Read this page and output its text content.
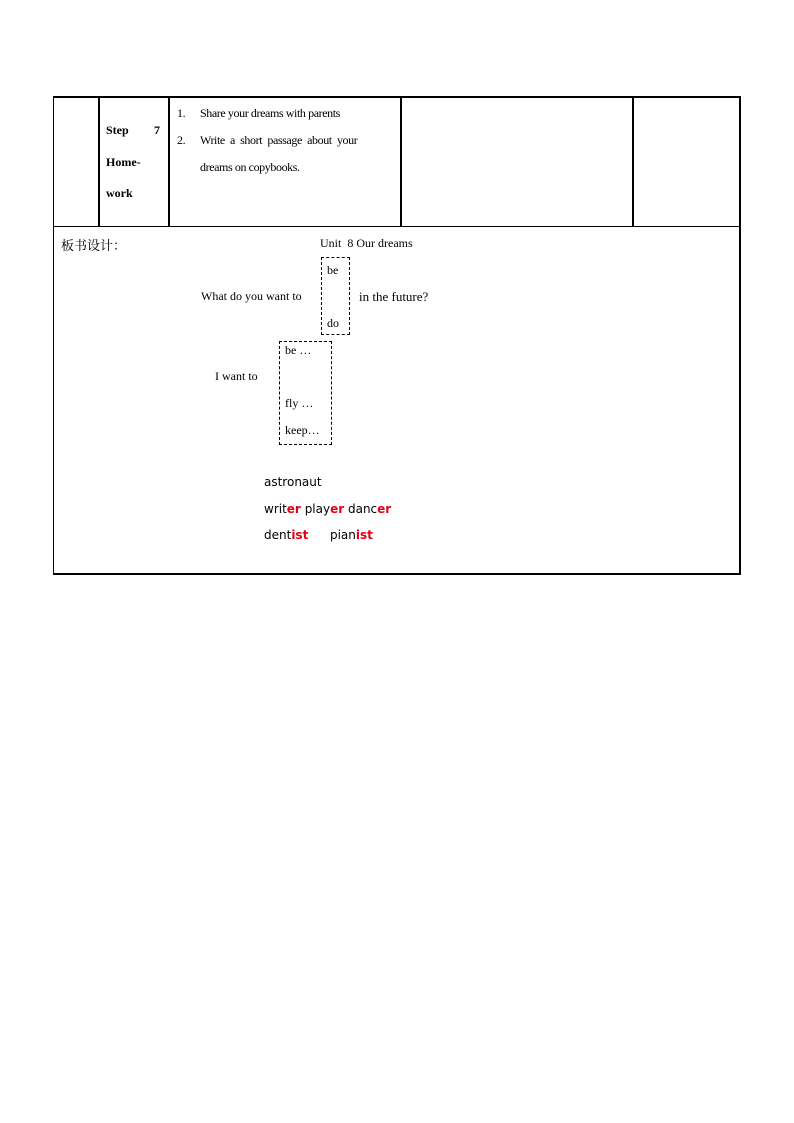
Step 7
Home-
work
1. Share your dreams with parents
2. Write  a  short  passage  about  your
dreams on copybooks.
板书设计：	Unit  8 Our dreams
What do you want to
be
do
in the future?
I want to
be …
fly …
keep…
astronaut
writer player dancer
dentist pianist
